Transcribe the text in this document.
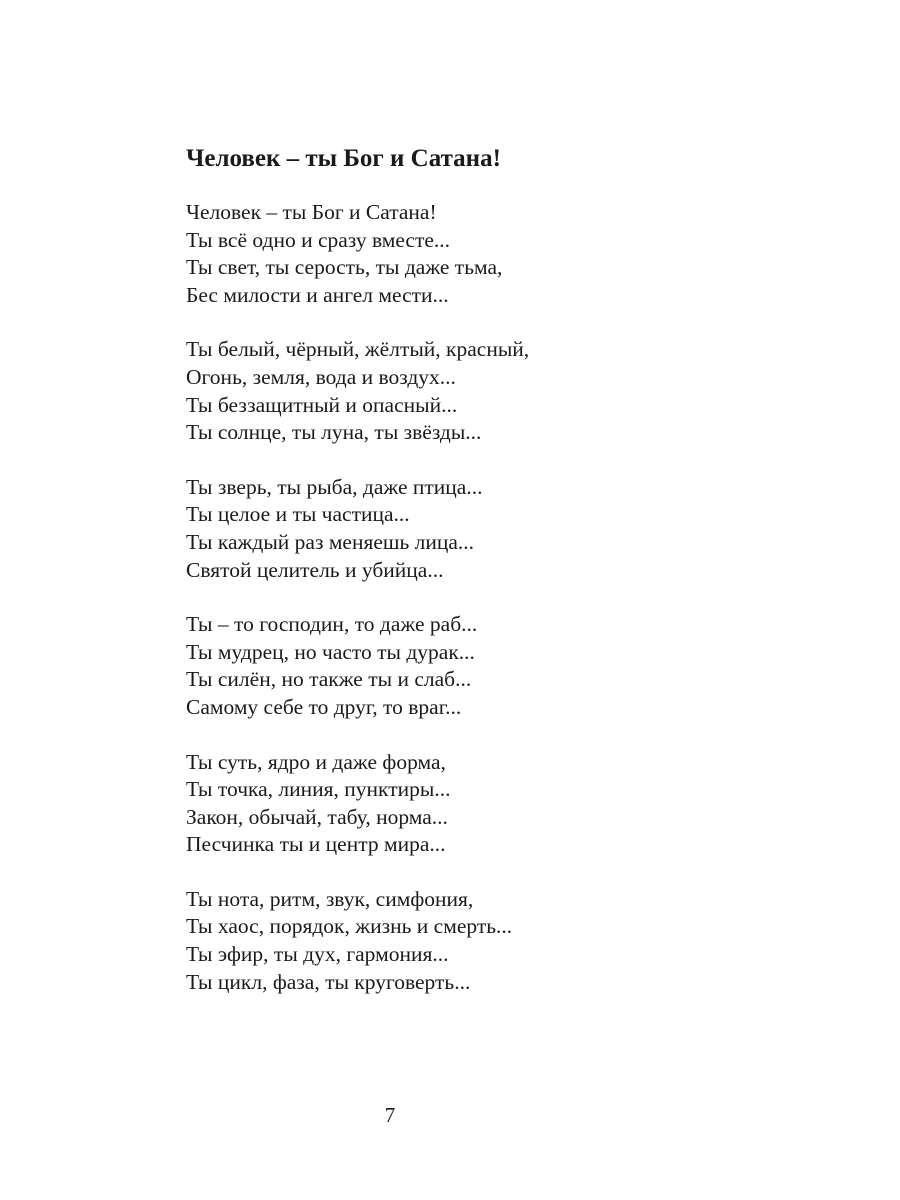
Человек – ты Бог и Сатана!
Человек – ты Бог и Сатана!
Ты всё одно и сразу вместе...
Ты свет, ты серость, ты даже тьма,
Бес милости и ангел мести...
Ты белый, чёрный, жёлтый, красный,
Огонь, земля, вода и воздух...
Ты беззащитный и опасный...
Ты солнце, ты луна, ты звёзды...
Ты зверь, ты рыба, даже птица...
Ты целое и ты частица...
Ты каждый раз меняешь лица...
Святой целитель и убийца...
Ты – то господин, то даже раб...
Ты мудрец, но часто ты дурак...
Ты силён, но также ты и слаб...
Самому себе то друг, то враг...
Ты суть, ядро и даже форма,
Ты точка, линия, пунктиры...
Закон, обычай, табу, норма...
Песчинка ты и центр мира...
Ты нота, ритм, звук, симфония,
Ты хаос, порядок, жизнь и смерть...
Ты эфир, ты дух, гармония...
Ты цикл, фаза, ты круговерть...
7
